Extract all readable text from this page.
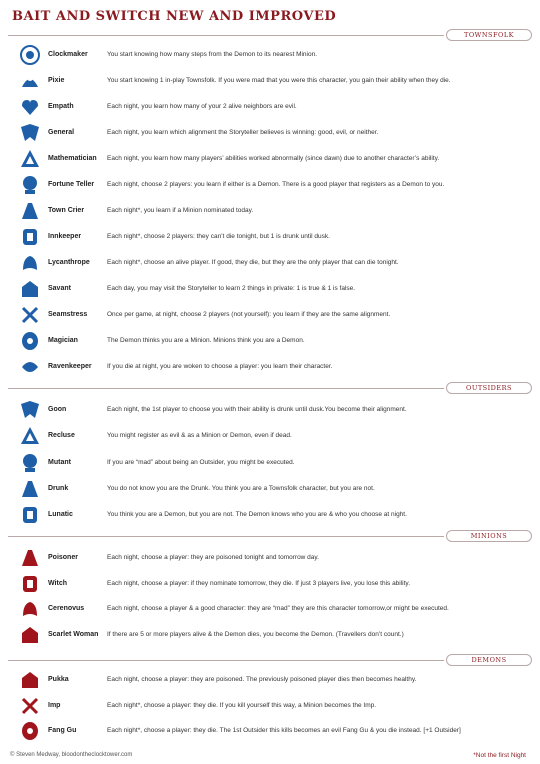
BAIT AND SWITCH NEW AND IMPROVED
TOWNSFOLK
Clockmaker	You start knowing how many steps from the Demon to its nearest Minion.
Pixie	You start knowing 1 in-play Townsfolk. If you were mad that you were this character, you gain their ability when they die.
Empath	Each night, you learn how many of your 2 alive neighbors are evil.
General	Each night, you learn which alignment the Storyteller believes is winning: good, evil, or neither.
Mathematician	Each night, you learn how many players’ abilities worked abnormally (since dawn) due to another character’s ability.
Fortune Teller	Each night, choose 2 players: you learn if either is a Demon. There is a good player that registers as a Demon to you.
Town Crier	Each night*, you learn if a Minion nominated today.
Innkeeper	Each night*, choose 2 players: they can’t die tonight, but 1 is drunk until dusk.
Lycanthrope	Each night*, choose an alive player. If good, they die, but they are the only player that can die tonight.
Savant	Each day, you may visit the Storyteller to learn 2 things in private: 1 is true & 1 is false.
Seamstress	Once per game, at night, choose 2 players (not yourself): you learn if they are the same alignment.
Magician	The Demon thinks you are a Minion. Minions think you are a Demon.
Ravenkeeper	If you die at night, you are woken to choose a player: you learn their character.
OUTSIDERS
Goon	Each night, the 1st player to choose you with their ability is drunk until dusk.You become their alignment.
Recluse	You might register as evil & as a Minion or Demon, even if dead.
Mutant	If you are “mad” about being an Outsider, you might be executed.
Drunk	You do not know you are the Drunk. You think you are a Townsfolk character, but you are not.
Lunatic	You think you are a Demon, but you are not. The Demon knows who you are & who you choose at night.
MINIONS
Poisoner	Each night, choose a player: they are poisoned tonight and tomorrow day.
Witch	Each night, choose a player: if they nominate tomorrow, they die. If just 3 players live, you lose this ability.
Cerenovus	Each night, choose a player & a good character: they are “mad” they are this character tomorrow,or might be executed.
Scarlet Woman	If there are 5 or more players alive & the Demon dies, you become the Demon. (Travellers don’t count.)
DEMONS
Pukka	Each night, choose a player: they are poisoned. The previously poisoned player dies then becomes healthy.
Imp	Each night*, choose a player: they die. If you kill yourself this way, a Minion becomes the Imp.
Fang Gu	Each night*, choose a player: they die. The 1st Outsider this kills becomes an evil Fang Gu & you die instead. [+1 Outsider]
© Steven Medway, bloodontheclocktower.com	*Not the first Night
